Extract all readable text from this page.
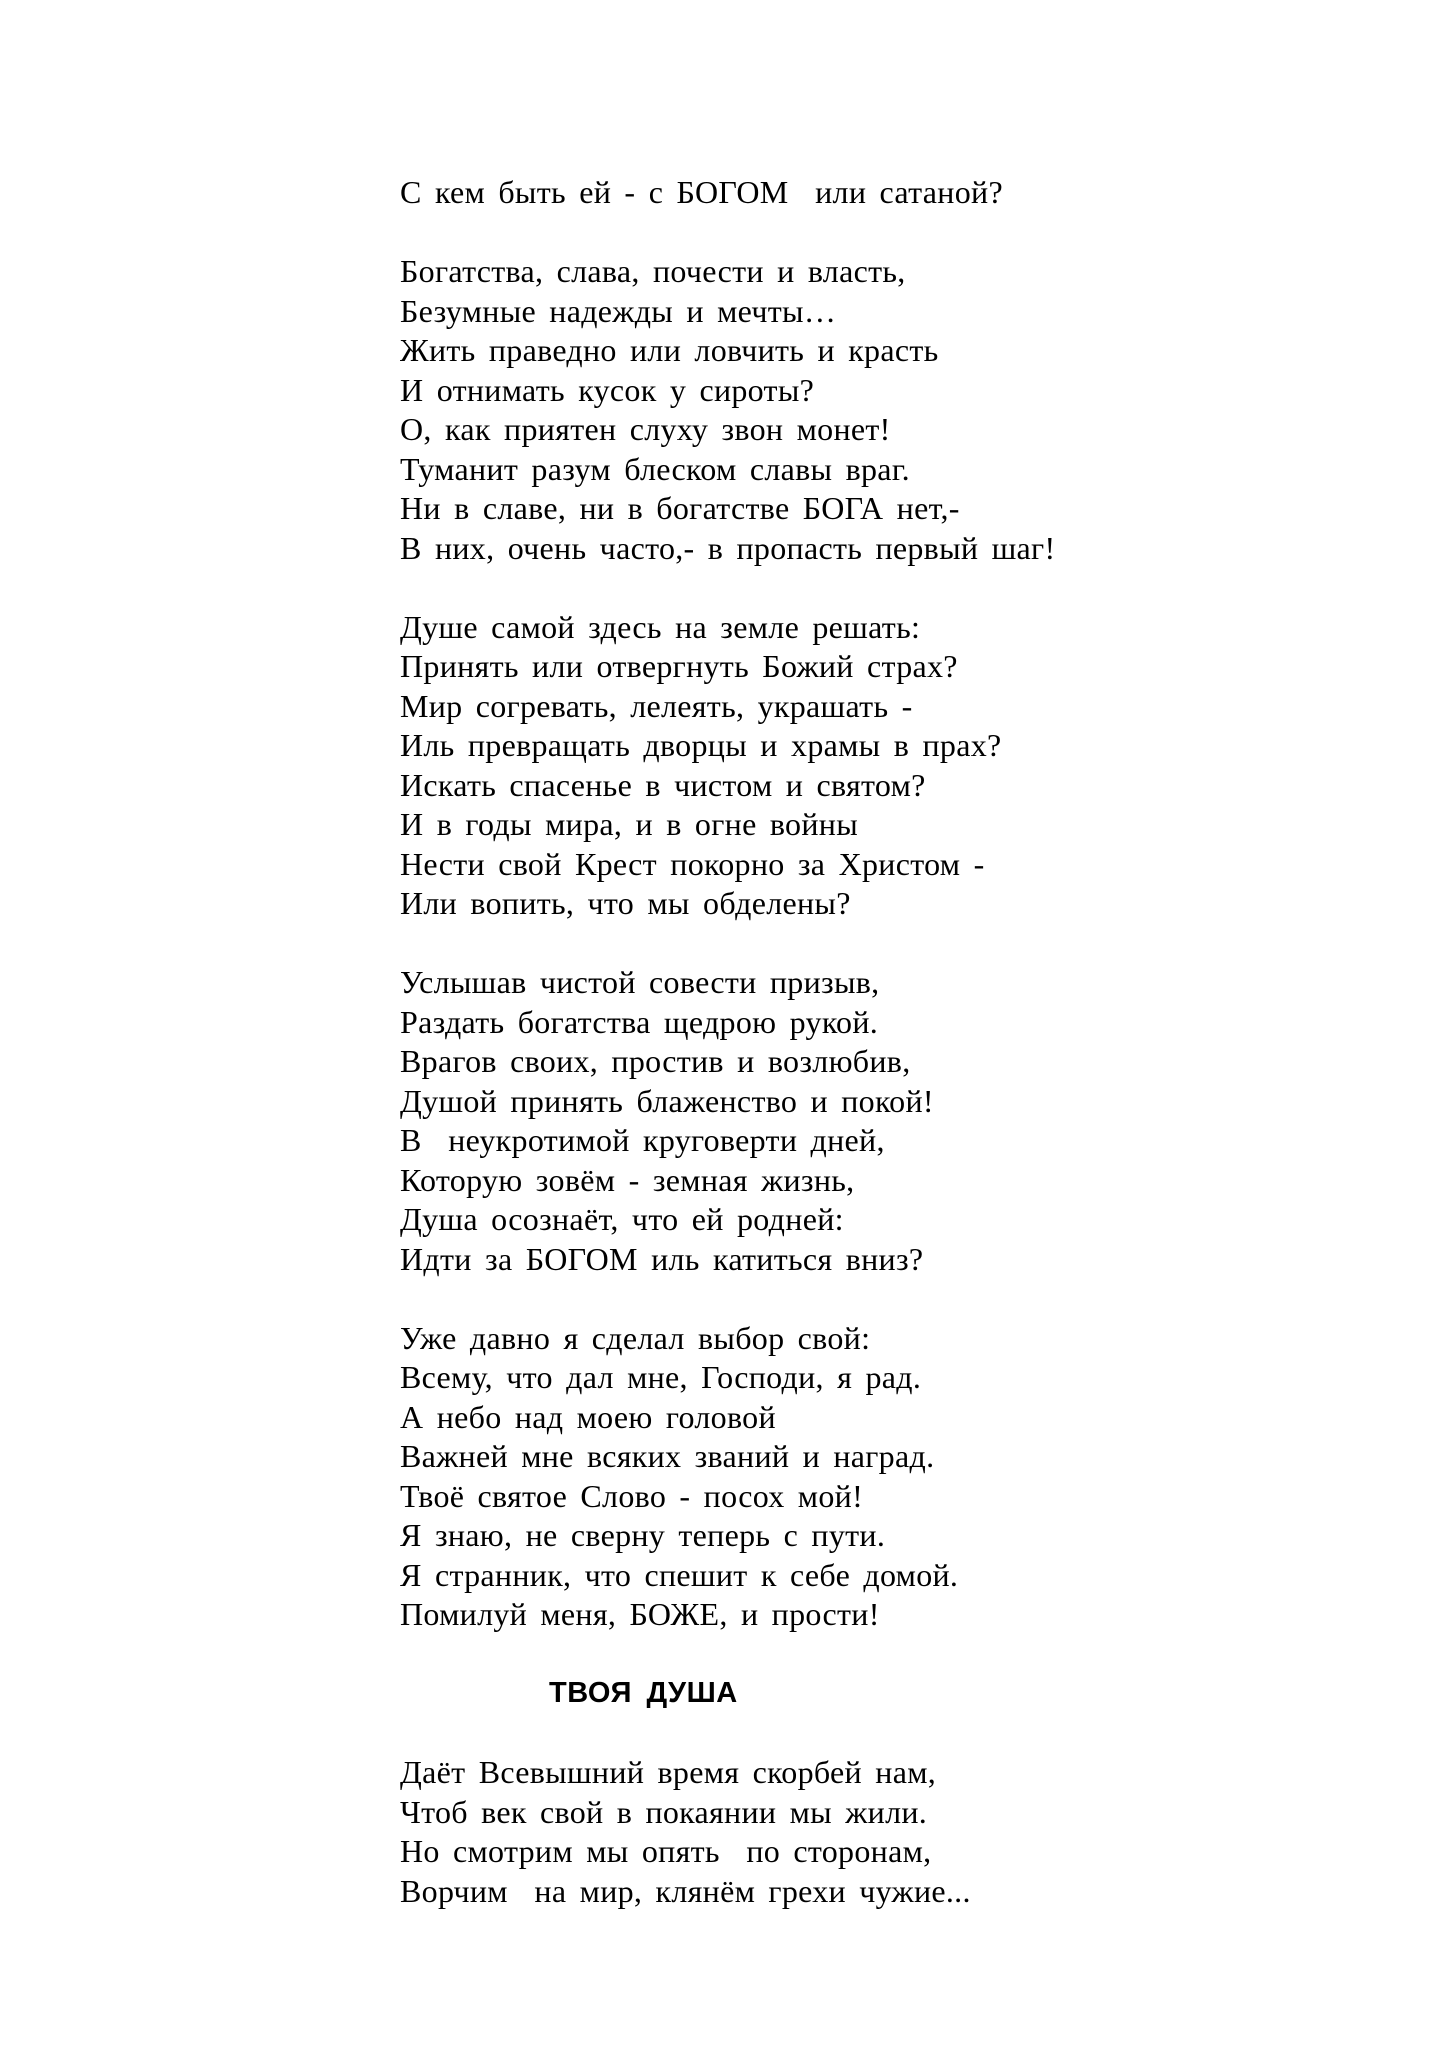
С кем быть ей - с БОГОМ  или сатаной?
Богатства, слава, почести и власть,
Безумные надежды и мечты…
Жить праведно или ловчить и красть
И отнимать кусок у сироты?
О, как приятен слуху звон монет!
Туманит разум блеском славы враг.
Ни в славе, ни в богатстве БОГА нет,-
В них, очень часто,- в пропасть первый шаг!
Душе самой здесь на земле решать:
Принять или отвергнуть Божий страх?
Мир согревать, лелеять, украшать -
Иль превращать дворцы и храмы в прах?
Искать спасенье в чистом и святом?
И в годы мира, и в огне войны
Нести свой Крест покорно за Христом -
Или вопить, что мы обделены?
Услышав чистой совести призыв,
Раздать богатства щедрою рукой.
Врагов своих, простив и возлюбив,
Душой принять блаженство и покой!
В  неукротимой круговерти дней,
Которую зовём - земная жизнь,
Душа осознаёт, что ей родней:
Идти за БОГОМ иль катиться вниз?
Уже давно я сделал выбор свой:
Всему, что дал мне, Господи, я рад.
А небо над моею головой
Важней мне всяких званий и наград.
Твоё святое Слово - посох мой!
Я знаю, не сверну теперь с пути.
Я странник, что спешит к себе домой.
Помилуй меня, БОЖЕ, и прости!
ТВОЯ ДУША
Даёт Всевышний время скорбей нам,
Чтоб век свой в покаянии мы жили.
Но смотрим мы опять  по сторонам,
Ворчим  на мир, клянём грехи чужие...
